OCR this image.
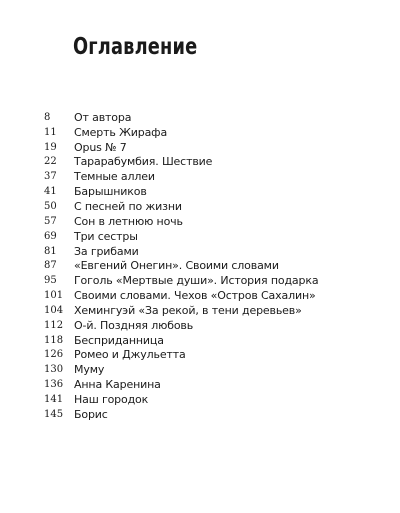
Оглавление
8	От автора
11	Смерть Жирафа
19	Opus № 7
22	Тарарабумбия. Шествие
37	Темные аллеи
41	Барышников
50	С песней по жизни
57	Сон в летнюю ночь
69	Три сестры
81	За грибами
87	«Евгений Онегин». Своими словами
95	Гоголь «Мертвые души». История подарка
101 Своими словами. Чехов «Остров Сахалин»
104 Хемингуэй «За рекой, в тени деревьев»
112 О-й. Поздняя любовь
118 Бесприданница
126 Ромео и Джульетта
130 Муму
136 Анна Каренина
141 Наш городок
145 Борис
